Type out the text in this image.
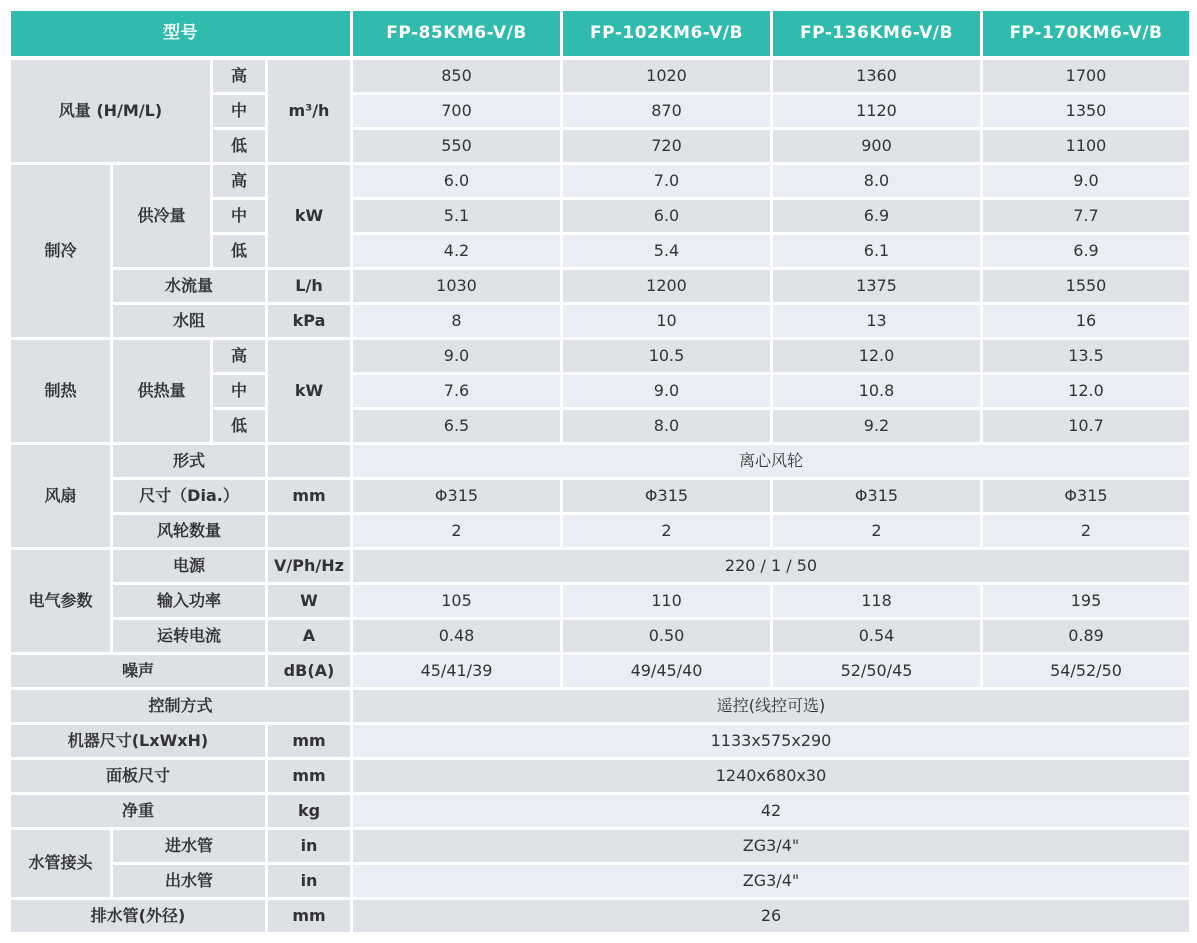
型号				FP-85KM6-V/B	FP-102KM6-V/B	FP-136KM6-V/B	FP-170KM6-V/B
风量 (H/M/L)		高	m³/h	850	1020	1360	1700
		中		700	870	1120	1350
		低		550	720	900	1100
制冷	供冷量	高	kW	6.0	7.0	8.0	9.0
		中		5.1	6.0	6.9	7.7
		低		4.2	5.4	6.1	6.9
	水流量		L/h	1030	1200	1375	1550
	水阻		kPa	8	10	13	16
制热	供热量	高	kW	9.0	10.5	12.0	13.5
		中		7.6	9.0	10.8	12.0
		低		6.5	8.0	9.2	10.7
风扇	形式			离心风轮			
	尺寸（Dia.）		mm	Φ315	Φ315	Φ315	Φ315
	风轮数量			2	2	2	2
电气参数	电源		V/Ph/Hz	220 / 1 / 50			
	输入功率		W	105	110	118	195
	运转电流		A	0.48	0.50	0.54	0.89
噪声			dB(A)	45/41/39	49/45/40	52/50/45	54/52/50
控制方式				遥控(线控可选)			
机器尺寸(LxWxH)			mm	1133x575x290			
面板尺寸			mm	1240x680x30			
净重			kg	42			
水管接头	进水管		in	ZG3/4"			
	出水管		in	ZG3/4"			
排水管(外径)			mm	26			
